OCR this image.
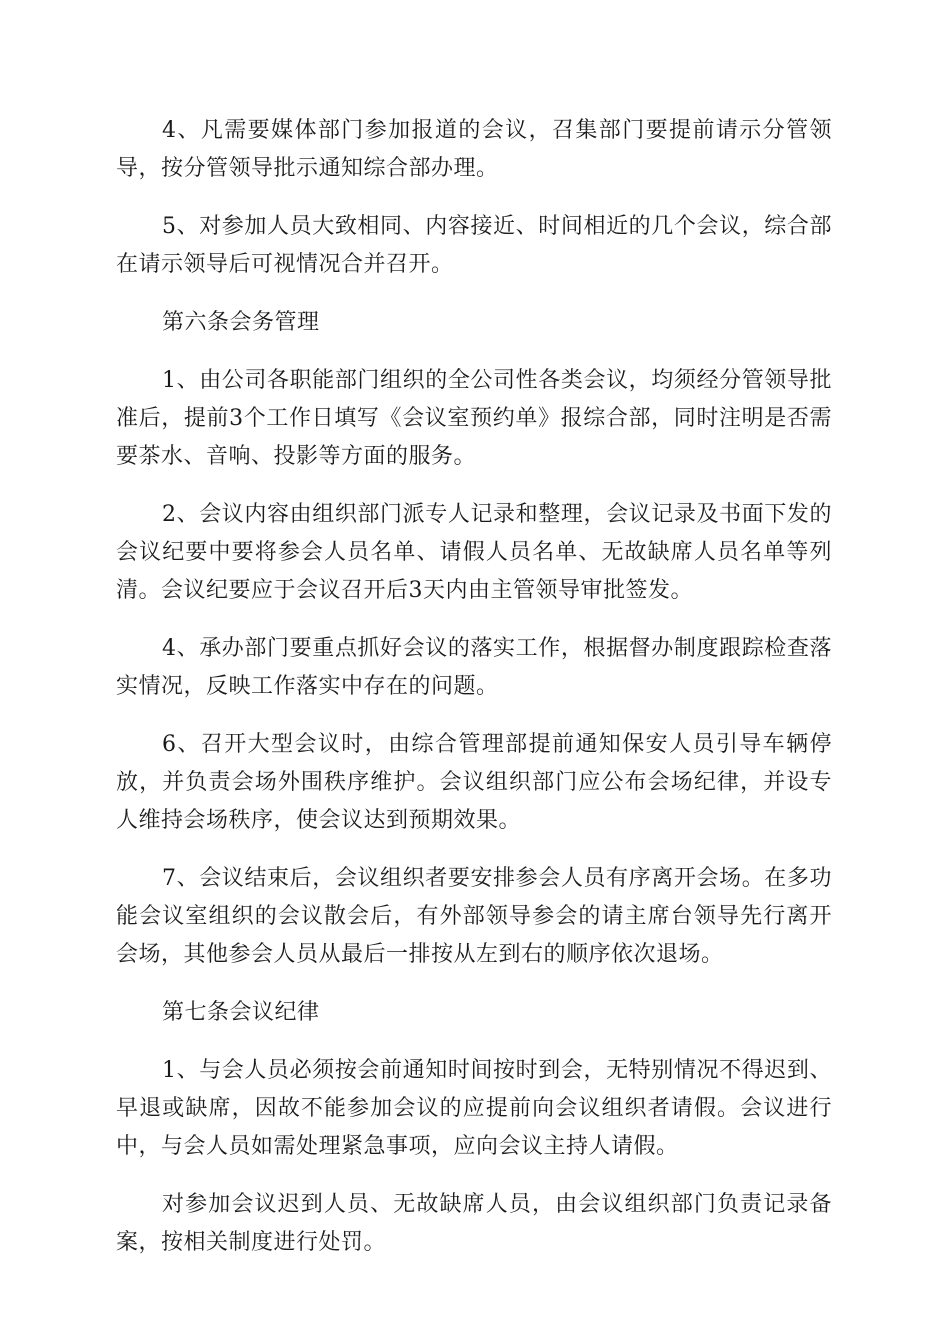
4、凡需要媒体部门参加报道的会议，召集部门要提前请示分管领导，按分管领导批示通知综合部办理。

5、对参加人员大致相同、内容接近、时间相近的几个会议，综合部在请示领导后可视情况合并召开。

第六条会务管理

1、由公司各职能部门组织的全公司性各类会议，均须经分管领导批准后，提前3个工作日填写《会议室预约单》报综合部，同时注明是否需要茶水、音响、投影等方面的服务。

2、会议内容由组织部门派专人记录和整理，会议记录及书面下发的会议纪要中要将参会人员名单、请假人员名单、无故缺席人员名单等列清。会议纪要应于会议召开后3天内由主管领导审批签发。

4、承办部门要重点抓好会议的落实工作，根据督办制度跟踪检查落实情况，反映工作落实中存在的问题。

6、召开大型会议时，由综合管理部提前通知保安人员引导车辆停放，并负责会场外围秩序维护。会议组织部门应公布会场纪律，并设专人维持会场秩序，使会议达到预期效果。

7、会议结束后，会议组织者要安排参会人员有序离开会场。在多功能会议室组织的会议散会后，有外部领导参会的请主席台领导先行离开会场，其他参会人员从最后一排按从左到右的顺序依次退场。

第七条会议纪律

1、与会人员必须按会前通知时间按时到会，无特别情况不得迟到、早退或缺席，因故不能参加会议的应提前向会议组织者请假。会议进行中，与会人员如需处理紧急事项，应向会议主持人请假。

对参加会议迟到人员、无故缺席人员，由会议组织部门负责记录备案，按相关制度进行处罚。
